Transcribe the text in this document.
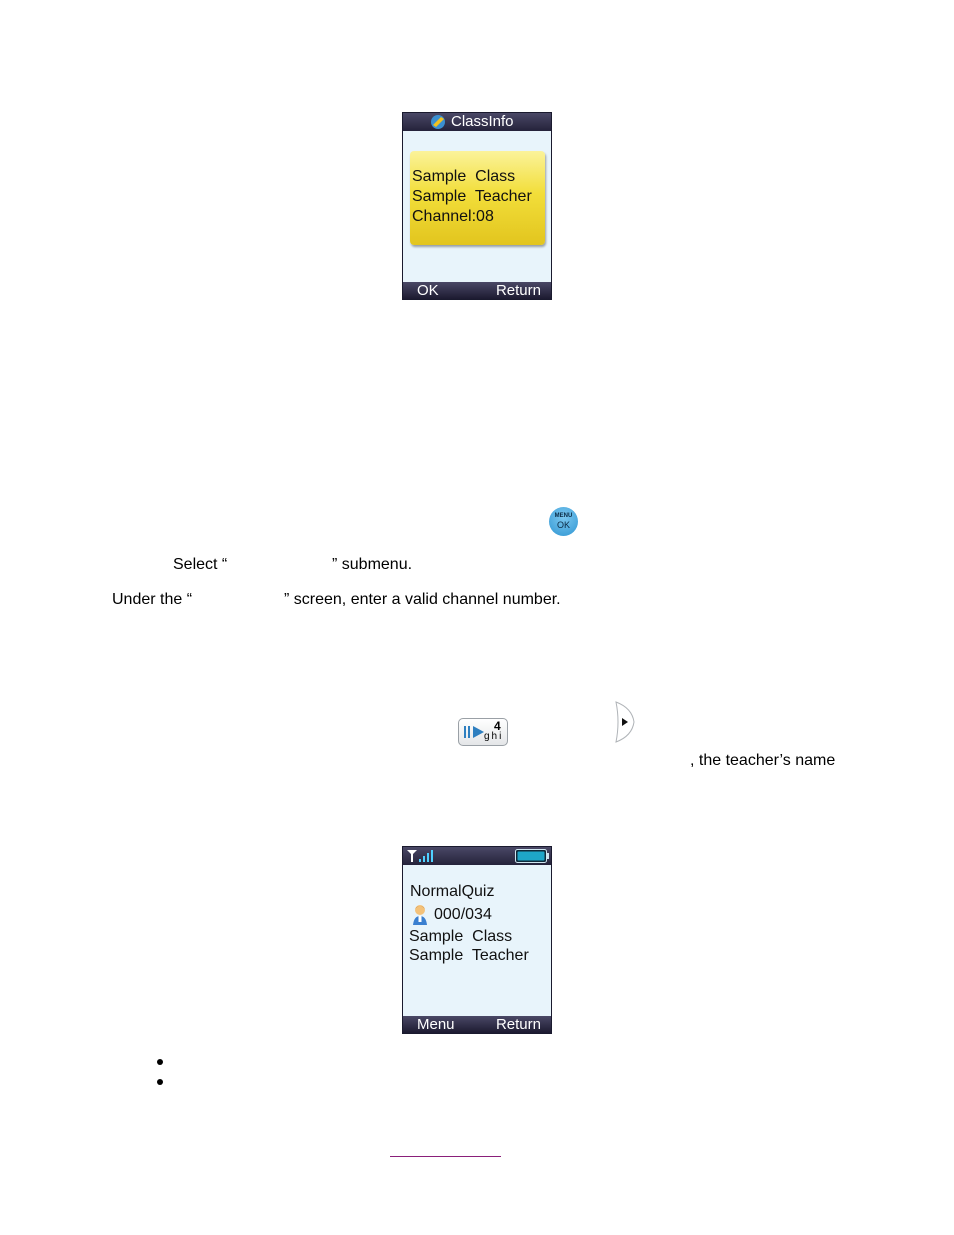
ClassInfo
Sample  Class
Sample  Teacher
Channel:08
OK	Return
MENU
OK
Select “	” submenu.
Under the “	” screen, enter a valid channel number.
4
ghi
, the teacher’s name
NormalQuiz
000/034
Sample  Class
Sample  Teacher
Menu	Return
